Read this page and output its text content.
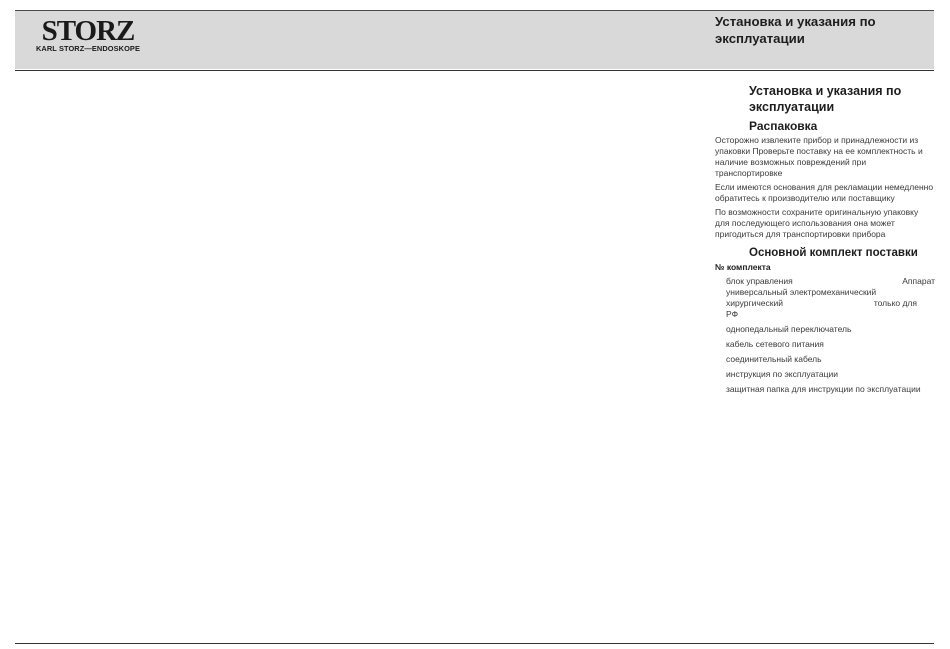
STORZ
KARL STORZ—ENDOSKOPE
Установка и указания по эксплуатации
Установка и указания по эксплуатации
Распаковка

Осторожно извлеките прибор и принадлежности из упаковки Проверьте поставку на ее комплектность и наличие возможных повреждений при транспортировке

Если имеются основания для рекламации немедленно обратитесь к производителю или поставщику

По возможности сохраните оригинальную упаковку для последующего использования она может пригодиться для транспортировки прибора

Основной комплект поставки
№ комплекта
блок управления	Аппарат
универсальный электромеханический
хирургический	только для
РФ
однопедальный переключатель
кабель сетевого питания
соединительный кабель
инструкция по эксплуатации
защитная папка для инструкции по эксплуатации
